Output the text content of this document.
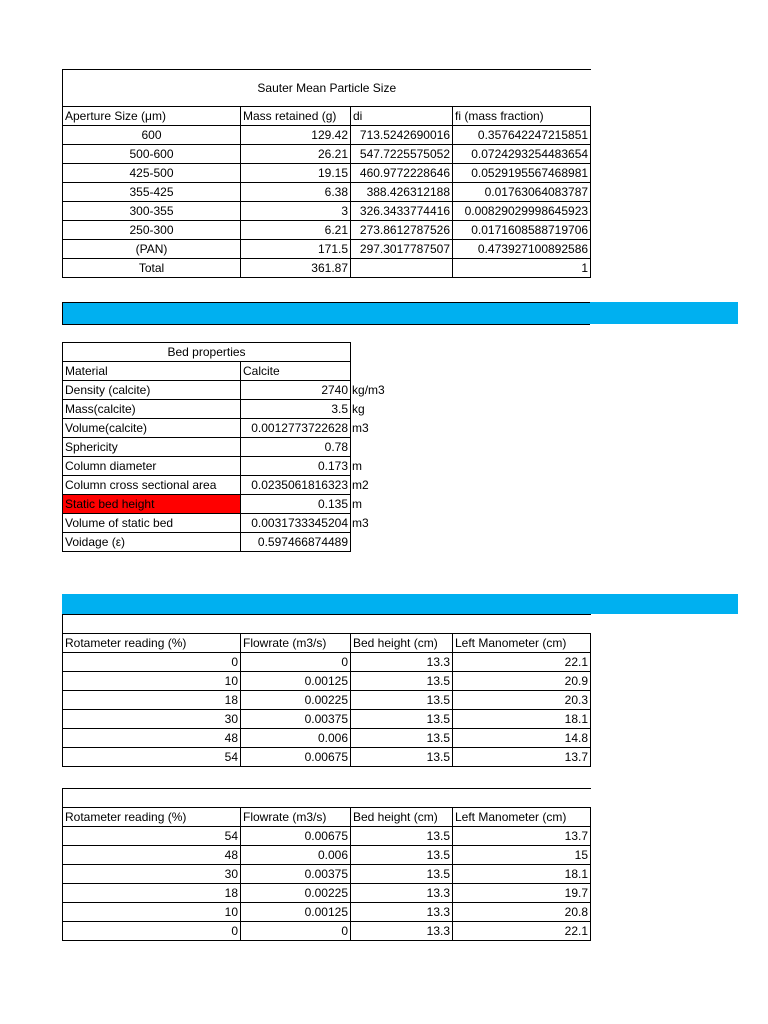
Sauter Mean Particle Size			
Aperture Size (μm)	Mass retained (g)	di	fi (mass fraction)
600	129.42	713.5242690016	0.357642247215851
500-600	26.21	547.7225575052	0.0724293254483654
425-500	19.15	460.9772228646	0.0529195567468981
355-425	6.38	388.426312188	0.01763064083787
300-355	3	326.3433774416	0.00829029998645923
250-300	6.21	273.8612787526	0.0171608588719706
(PAN)	171.5	297.3017787507	0.473927100892586
Total	361.87		1
Bed properties		
Material	Calcite	
Density (calcite)	2740	kg/m3
Mass(calcite)	3.5	kg
Volume(calcite)	0.0012773722628	m3
Sphericity	0.78	
Column diameter	0.173	m
Column cross sectional area	0.0235061816323	m2
Static bed height	0.135	m
Volume of static bed	0.0031733345204	m3
Voidage (ε)	0.597466874489	

Rotameter reading (%)	Flowrate (m3/s)	Bed height (cm)	Left Manometer (cm)
0	0	13.3	22.1
10	0.00125	13.5	20.9
18	0.00225	13.5	20.3
30	0.00375	13.5	18.1
48	0.006	13.5	14.8
54	0.00675	13.5	13.7

Rotameter reading (%)	Flowrate (m3/s)	Bed height (cm)	Left Manometer (cm)
54	0.00675	13.5	13.7
48	0.006	13.5	15
30	0.00375	13.5	18.1
18	0.00225	13.3	19.7
10	0.00125	13.3	20.8
0	0	13.3	22.1
